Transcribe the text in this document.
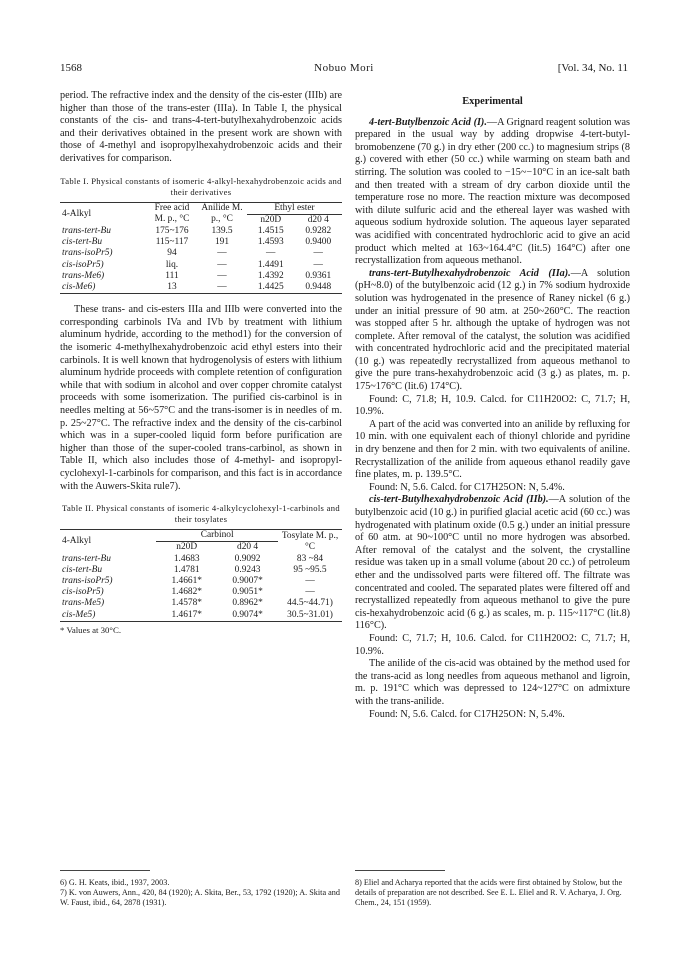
1568	Nobuo Mori	[Vol. 34, No. 11

period. The refractive index and the density of the cis-ester (IIIb) are higher than those of the trans-ester (IIIa). In Table I, the physical constants of the cis- and trans-4-tert-butylhexahydrobenzoic acids and their derivatives obtained in the present work are shown with those of 4-methyl and isopropylhexahydrobenzoic acids and their derivatives for comparison.

Table I. Physical constants of isomeric 4-alkyl-hexahydrobenzoic acids and their derivatives
4-Alkyl	Free acid M. p., °C	Anilide M. p., °C	Ethyl ester	
			n20D	d20 4
trans-tert-Bu	175~176	139.5	1.4515	0.9282
cis-tert-Bu	115~117	191	1.4593	0.9400
trans-isoPr5)	94	—	—	—
cis-isoPr5)	liq.	—	1.4491	—
trans-Me6)	111	—	1.4392	0.9361
cis-Me6)	13	—	1.4425	0.9448

These trans- and cis-esters IIIa and IIIb were converted into the corresponding carbinols IVa and IVb by treatment with lithium aluminum hydride, according to the method1) for the conversion of the isomeric 4-methylhexahydrobenzoic acid ethyl esters into their carbinols. It is well known that hydrogenolysis of esters with lithium aluminum hydride proceeds with complete retention of configuration while that with sodium in alcohol and over copper chromite catalyst proceeds with some isomerization. The purified cis-carbinol is in needles melting at 56~57°C and the trans-isomer is in needles of m. p. 25~27°C. The refractive index and the density of the cis-carbinol which was in a super-cooled liquid form before purification are higher than those of the super-cooled trans-carbinol, as shown in Table II, which also includes those of 4-methyl- and isopropyl-cyclohexyl-1-carbinols for comparison, and this fact is in accordance with the Auwers-Skita rule7).

Table II. Physical constants of isomeric 4-alkylcyclohexyl-1-carbinols and their tosylates
4-Alkyl	Carbinol		Tosylate M. p., °C
	n20D	d20 4	
trans-tert-Bu	1.4683	0.9092	83 ~84
cis-tert-Bu	1.4781	0.9243	95 ~95.5
trans-isoPr5)	1.4661*	0.9007*	—
cis-isoPr5)	1.4682*	0.9051*	—
trans-Me5)	1.4578*	0.8962*	44.5~44.71)
cis-Me5)	1.4617*	0.9074*	30.5~31.01)
* Values at 30°C.
Experimental

4-tert-Butylbenzoic Acid (I).—A Grignard reagent solution was prepared in the usual way by adding dropwise 4-tert-butyl-bromobenzene (70 g.) in dry ether (200 cc.) to magnesium strips (8 g.) covered with ether (50 cc.) while warming on steam bath and stirring. The solution was cooled to −15~−10°C in an ice-salt bath and then treated with a stream of dry carbon dioxide until the temperature rose no more. The reaction mixture was decomposed with dilute sulfuric acid and the ethereal layer was washed with aqueous sodium hydroxide solution. The aqueous layer separated was acidified with concentrated hydrochloric acid to give an acid product which melted at 163~164.4°C (lit.5) 164°C) after one recrystallization from aqueous methanol.

trans-tert-Butylhexahydrobenzoic Acid (IIa).—A solution (pH~8.0) of the butylbenzoic acid (12 g.) in 7% sodium hydroxide solution was hydrogenated in the presence of Raney nickel (6 g.) under an initial pressure of 90 atm. at 250~260°C. The reaction was stopped after 5 hr. although the uptake of hydrogen was not complete. After removal of the catalyst, the solution was acidified with concentrated hydrochloric acid and the precipitated material (10 g.) was repeatedly recrystallized from aqueous methanol to give the pure trans-hexahydrobenzoic acid (3 g.) as plates, m. p. 175~176°C (lit.6) 174°C).

Found: C, 71.8; H, 10.9. Calcd. for C11H20O2: C, 71.7; H, 10.9%.

A part of the acid was converted into an anilide by refluxing for 10 min. with one equivalent each of thionyl chloride and pyridine in dry benzene and then for 2 min. with two equivalents of aniline. Recrystallization of the anilide from aqueous ethanol readily gave fine plates, m. p. 139.5°C.

Found: N, 5.6. Calcd. for C17H25ON: N, 5.4%.

cis-tert-Butylhexahydrobenzoic Acid (IIb).—A solution of the butylbenzoic acid (10 g.) in purified glacial acetic acid (60 cc.) was hydrogenated with platinum oxide (0.5 g.) under an initial pressure of 60 atm. at 90~100°C until no more hydrogen was absorbed. After removal of the catalyst and the solvent, the crystalline residue was taken up in a small volume (about 20 cc.) of petroleum ether and the undissolved parts were filtered off. The filtrate was concentrated and cooled. The separated plates were filtered off and recrystallized repeatedly from aqueous methanol to give the pure cis-hexahydrobenzoic acid (6 g.) as scales, m. p. 115~117°C (lit.8) 116°C).

Found: C, 71.7; H, 10.6. Calcd. for C11H20O2: C, 71.7; H, 10.9%.

The anilide of the cis-acid was obtained by the method used for the trans-acid as long needles from aqueous methanol and ligroin, m. p. 191°C which was depressed to 124~127°C on admixture with the trans-anilide.

Found: N, 5.6. Calcd. for C17H25ON: N, 5.4%.

6) G. H. Keats, ibid., 1937, 2003.
7) K. von Auwers, Ann., 420, 84 (1920); A. Skita, Ber., 53, 1792 (1920); A. Skita and W. Faust, ibid., 64, 2878 (1931).
8) Eliel and Acharya reported that the acids were first obtained by Stolow, but the details of preparation are not described. See E. L. Eliel and R. V. Acharya, J. Org. Chem., 24, 151 (1959).
